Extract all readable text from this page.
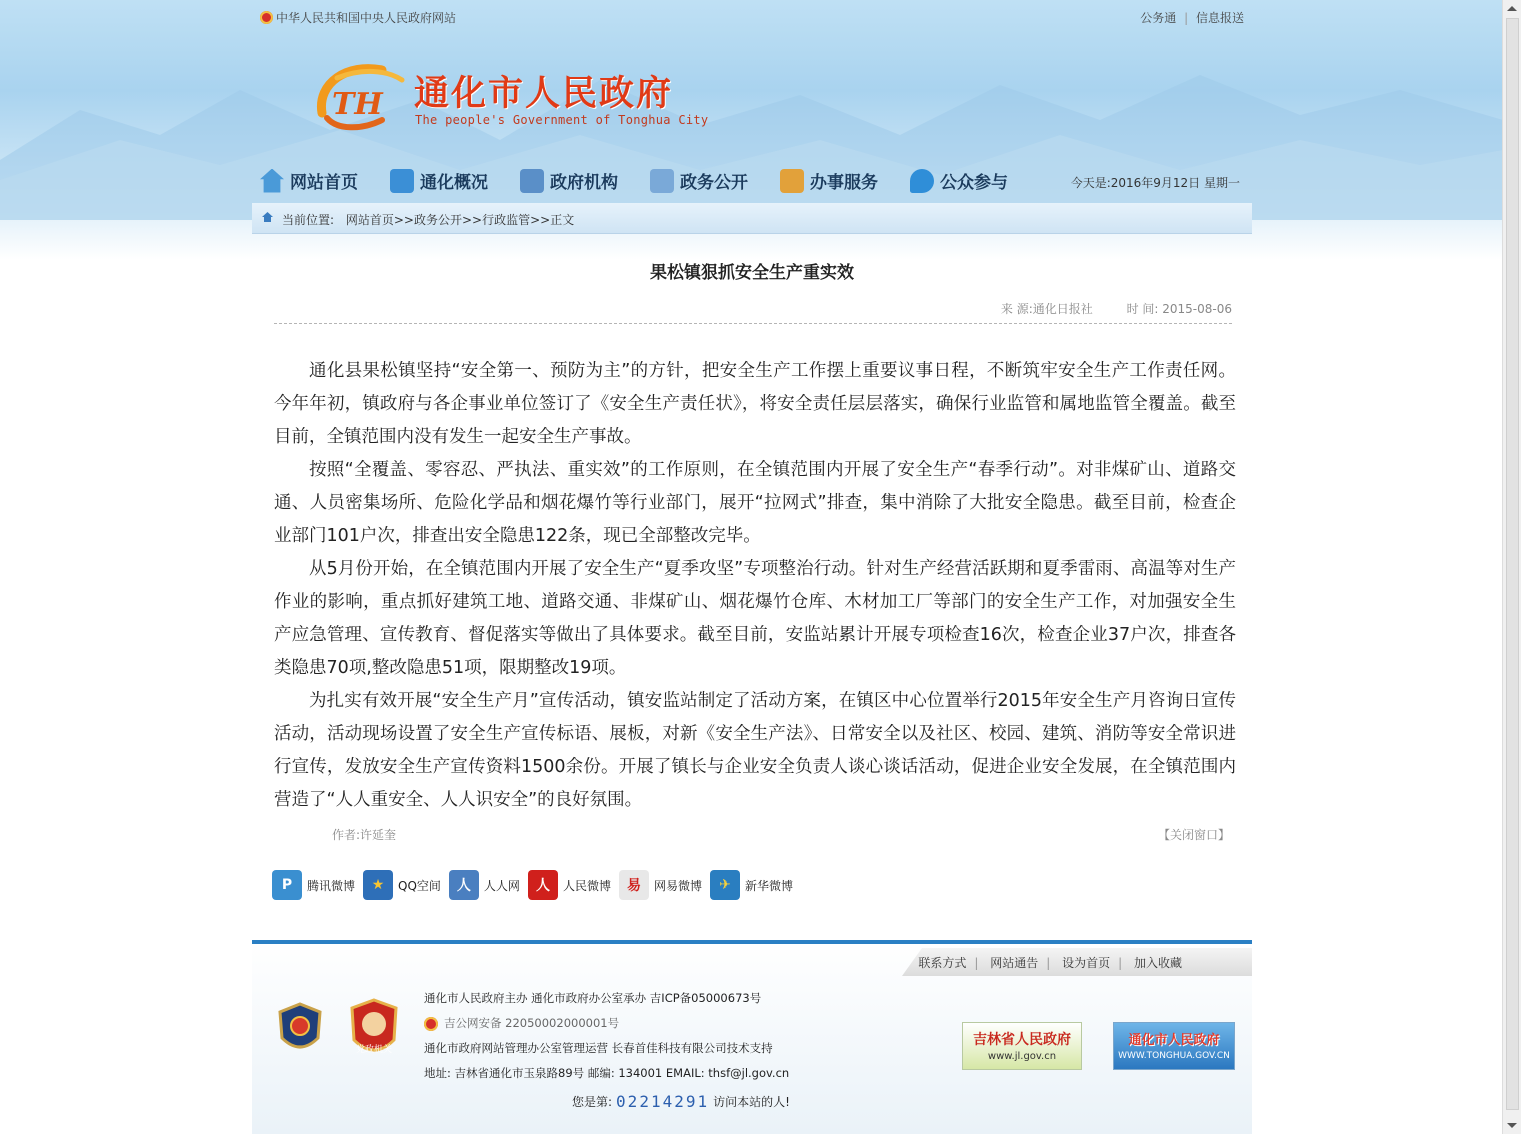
中华人民共和国中央人民政府网站	公务通 | 信息报送
TH 通化市人民政府
The people's Government of Tonghua City
网站首页	通化概况	政府机构	政务公开	办事服务	公众参与	今天是:2016年9月12日 星期一
当前位置: 网站首页>>政务公开>>行政监管>>正文
果松镇狠抓安全生产重实效
来 源:通化日报社	时 间: 2015-08-06

通化县果松镇坚持“安全第一、预防为主”的方针，把安全生产工作摆上重要议事日程，不断筑牢安全生产工作责任网。今年年初，镇政府与各企事业单位签订了《安全生产责任状》，将安全责任层层落实，确保行业监管和属地监管全覆盖。截至目前，全镇范围内没有发生一起安全生产事故。

按照“全覆盖、零容忍、严执法、重实效”的工作原则，在全镇范围内开展了安全生产“春季行动”。对非煤矿山、道路交通、人员密集场所、危险化学品和烟花爆竹等行业部门，展开“拉网式”排查，集中消除了大批安全隐患。截至目前，检查企业部门101户次，排查出安全隐患122条，现已全部整改完毕。

从5月份开始，在全镇范围内开展了安全生产“夏季攻坚”专项整治行动。针对生产经营活跃期和夏季雷雨、高温等对生产作业的影响，重点抓好建筑工地、道路交通、非煤矿山、烟花爆竹仓库、木材加工厂等部门的安全生产工作，对加强安全生产应急管理、宣传教育、督促落实等做出了具体要求。截至目前，安监站累计开展专项检查16次，检查企业37户次，排查各类隐患70项,整改隐患51项，限期整改19项。

为扎实有效开展“安全生产月”宣传活动，镇安监站制定了活动方案，在镇区中心位置举行2015年安全生产月咨询日宣传活动，活动现场设置了安全生产宣传标语、展板，对新《安全生产法》、日常安全以及社区、校园、建筑、消防等安全常识进行宣传，发放安全生产宣传资料1500余份。开展了镇长与企业安全负责人谈心谈话活动，促进企业安全发展，在全镇范围内营造了“人人重安全、人人识安全”的良好氛围。

作者:许延奎	【关闭窗口】
P	腾讯微博	★	QQ空间	人	人人网	人	人民微博	易	网易微博	✈	新华微博
联系方式 | 网站通告 | 设为首页 | 加入收藏
党政机关
通化市人民政府主办 通化市政府办公室承办 吉ICP备05000673号
吉公网安备 22050002000001号
通化市政府网站管理办公室管理运营 长春首佳科技有限公司技术支持
地址: 吉林省通化市玉泉路89号 邮编: 134001 EMAIL: thsf@jl.gov.cn
吉林省人民政府
www.jl.gov.cn
通化市人民政府
WWW.TONGHUA.GOV.CN
您是第: 02214291 访问本站的人!
